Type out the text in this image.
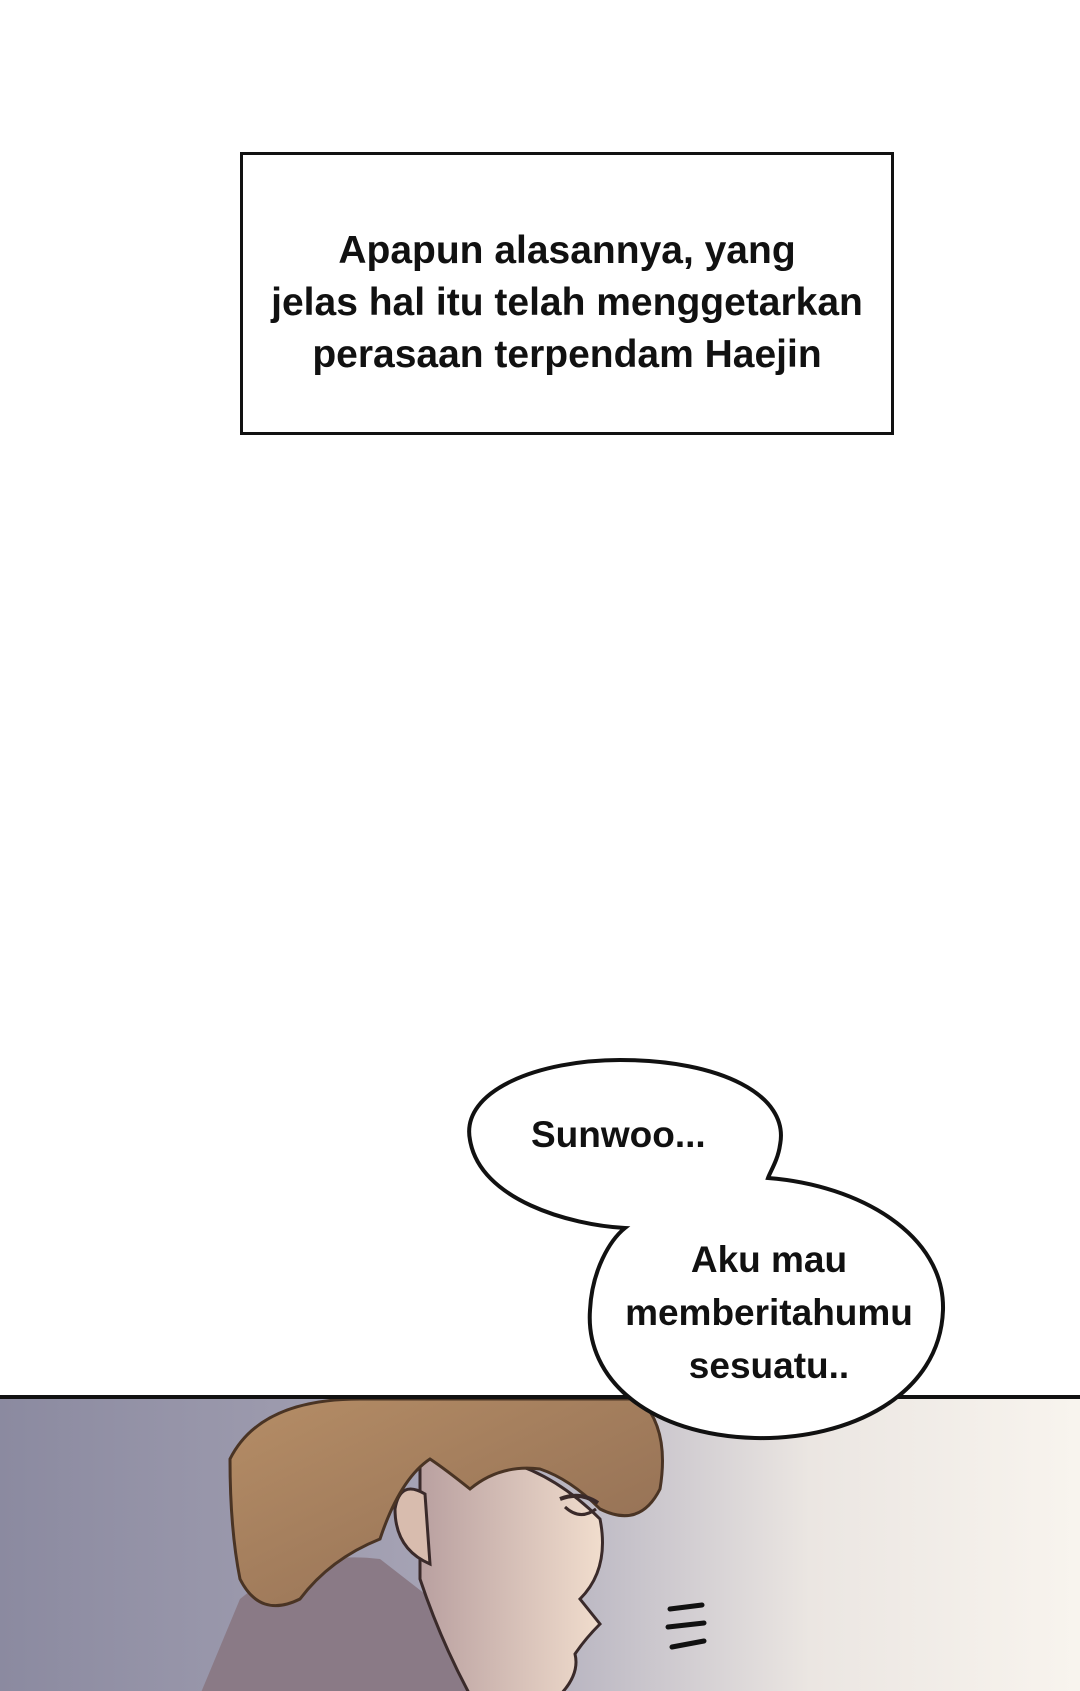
Apapun alasannya, yang
jelas hal itu telah menggetarkan
perasaan terpendam Haejin
Sunwoo...
Aku mau
memberitahumu
sesuatu..
